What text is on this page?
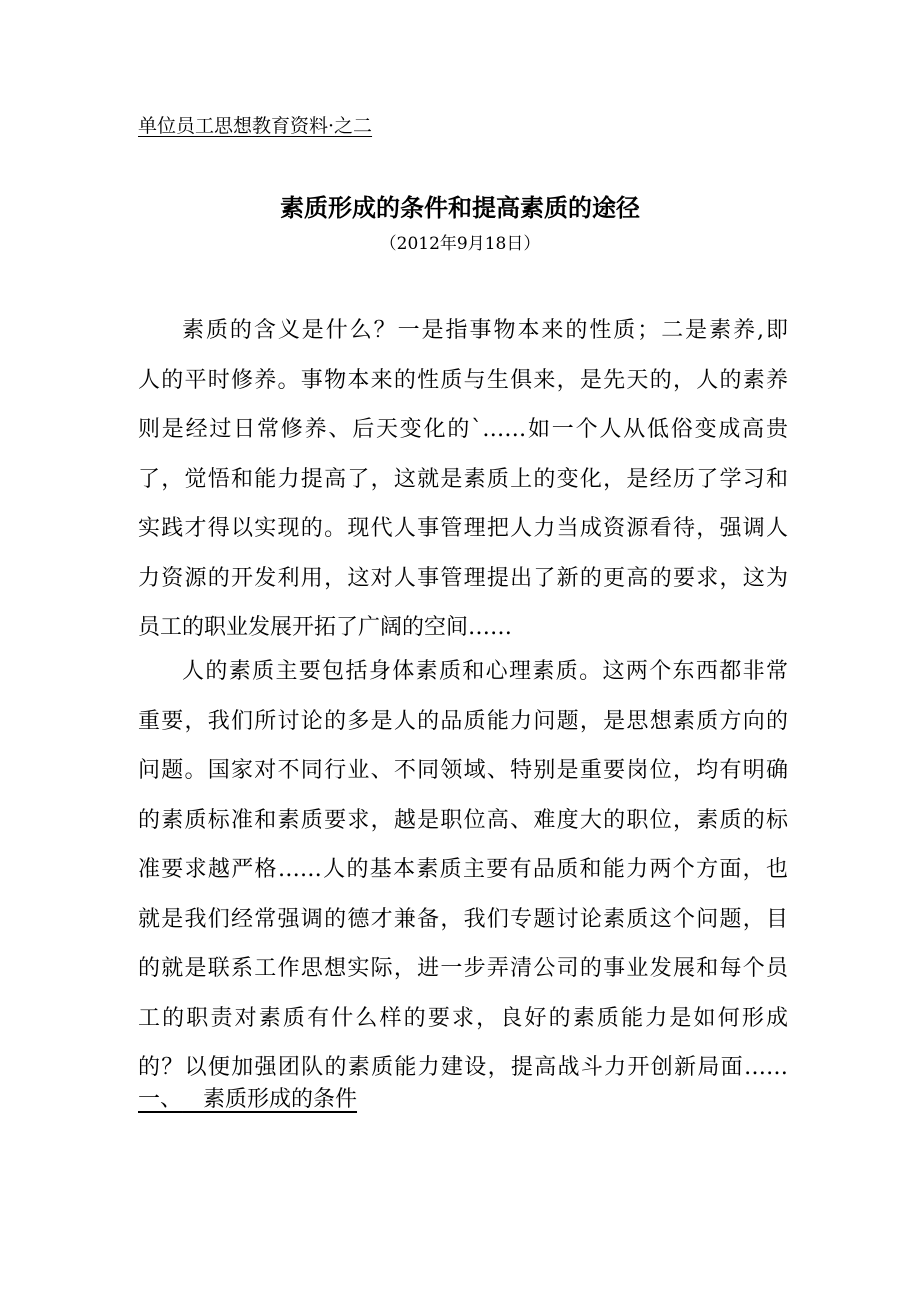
单位员工思想教育资料·之二
素质形成的条件和提高素质的途径
（2012年9月18日）
素质的含义是什么？一是指事物本来的性质；二是素养,即
人的平时修养。事物本来的性质与生俱来，是先天的，人的素养
则是经过日常修养、后天变化的`……如一个人从低俗变成高贵
了，觉悟和能力提高了，这就是素质上的变化，是经历了学习和
实践才得以实现的。现代人事管理把人力当成资源看待，强调人
力资源的开发利用，这对人事管理提出了新的更高的要求，这为
员工的职业发展开拓了广阔的空间……
人的素质主要包括身体素质和心理素质。这两个东西都非常
重要，我们所讨论的多是人的品质能力问题，是思想素质方向的
问题。国家对不同行业、不同领域、特别是重要岗位，均有明确
的素质标准和素质要求，越是职位高、难度大的职位，素质的标
准要求越严格……人的基本素质主要有品质和能力两个方面，也
就是我们经常强调的德才兼备，我们专题讨论素质这个问题，目
的就是联系工作思想实际，进一步弄清公司的事业发展和每个员
工的职责对素质有什么样的要求，良好的素质能力是如何形成
的？以便加强团队的素质能力建设，提高战斗力开创新局面……
一、 素质形成的条件
